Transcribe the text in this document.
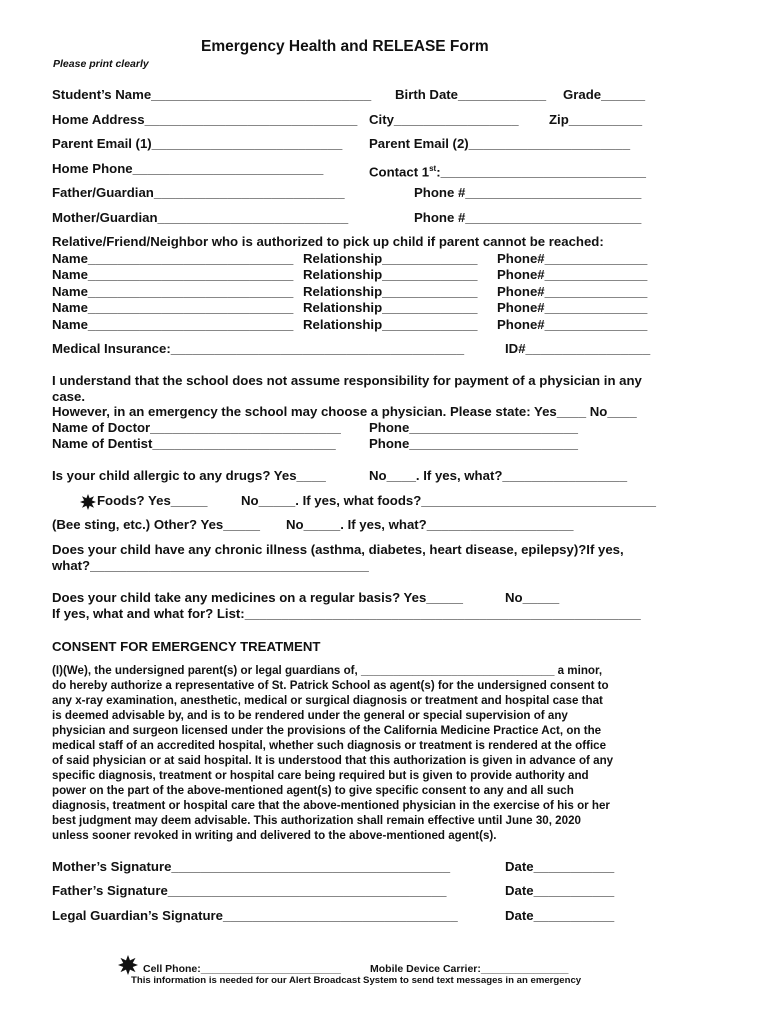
Emergency Health and RELEASE Form
Please print clearly
Student’s Name______________________________ Birth Date____________ Grade______
Home Address_____________________________ City_________________ Zip__________
Parent Email (1)__________________________ Parent Email (2)______________________
Home Phone__________________________	Contact 1st:____________________________
Father/Guardian__________________________	Phone #________________________
Mother/Guardian__________________________	Phone #________________________
Relative/Friend/Neighbor who is authorized to pick up child if parent cannot be reached:
Name____________________________ Relationship_____________ Phone#______________
Name____________________________ Relationship_____________ Phone#______________
Name____________________________ Relationship_____________ Phone#______________
Name____________________________ Relationship_____________ Phone#______________
Name____________________________ Relationship_____________ Phone#______________
Medical Insurance:________________________________________	ID#_________________
I understand that the school does not assume responsibility for payment of a physician in any
case.
However, in an emergency the school may choose a physician. Please state: Yes____ No____
Name of Doctor__________________________ Phone_______________________
Name of Dentist_________________________	Phone_______________________
Is your child allergic to any drugs? Yes____	No____. If yes, what?_________________
Foods? Yes_____	No_____. If yes, what foods?________________________________
(Bee sting, etc.) Other? Yes_____ No_____. If yes, what?____________________
Does your child have any chronic illness (asthma, diabetes, heart disease, epilepsy)?If yes,
what?______________________________________
Does your child take any medicines on a regular basis? Yes_____	No_____
If yes, what and what for? List:______________________________________________________
CONSENT FOR EMERGENCY TREATMENT
(I)(We), the undersigned parent(s) or legal guardians of, ______________________________ a minor,
do hereby authorize a representative of St. Patrick School as agent(s) for the undersigned consent to
any x-ray examination, anesthetic, medical or surgical diagnosis or treatment and hospital case that
is deemed advisable by, and is to be rendered under the general or special supervision of any
physician and surgeon licensed under the provisions of the California Medicine Practice Act, on the
medical staff of an accredited hospital, whether such diagnosis or treatment is rendered at the office
of said physician or at said hospital. It is understood that this authorization is given in advance of any
specific diagnosis, treatment or hospital care being required but is given to provide authority and
power on the part of the above-mentioned agent(s) to give specific consent to any and all such
diagnosis, treatment or hospital care that the above-mentioned physician in the exercise of his or her
best judgment may deem advisable. This authorization shall remain effective until June 30, 2020
unless sooner revoked in writing and delivered to the above-mentioned agent(s).
Mother’s Signature______________________________________	Date___________
Father’s Signature______________________________________	Date___________
Legal Guardian’s Signature________________________________	Date___________
Cell Phone:________________________	Mobile Device Carrier:_______________
This information is needed for our Alert Broadcast System to send text messages in an emergency
